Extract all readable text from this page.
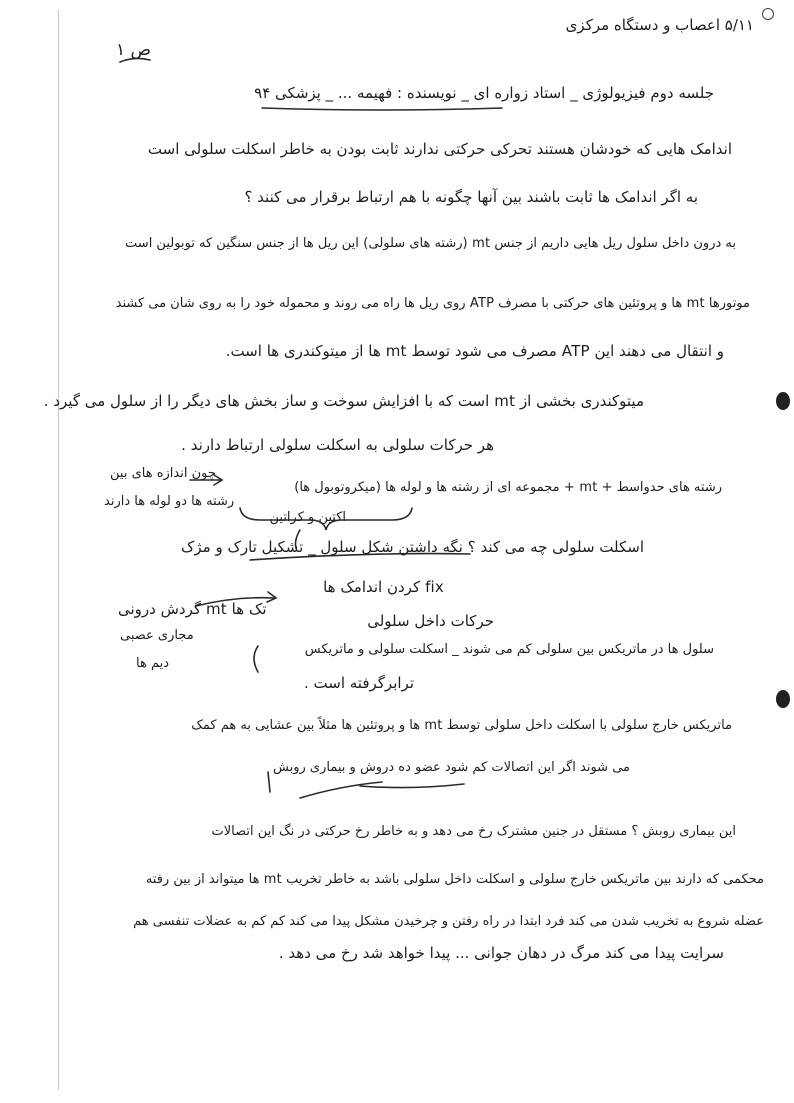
۵/۱۱ اعصاب و دستگاه مرکزی
ص ۱
جلسه دوم فیزیولوژی _ استاد زواره ای _ نویسنده : فهیمه ... _ پزشکی ۹۴
اندامک هایی که خودشان هستند تحرکی حرکتی ندارند ثابت بودن به خاطر اسکلت سلولی است
به اگر اندامک ها ثابت باشند بین آنها چگونه با هم ارتباط برقرار می کنند ؟
به درون داخل سلول ریل هایی داریم از جنس mt (رشته های سلولی) این ریل ها از جنس سنگین که توبولین است
موتورها mt ها و پروتئین های حرکتی با مصرف ATP روی ریل ها راه می روند و محموله خود را به روی شان می کشند
و انتقال می دهند این ATP مصرف می شود توسط mt ها از میتوکندری ها است.
میتوکندری بخشی از mt است که با افزایش سوخت و ساز بخش های دیگر را از سلول می گیرد .
هر حرکات سلولی به اسکلت سلولی ارتباط دارند .
چون اندازه های بین
رشته ها دو لوله ها دارند
رشته های حدواسط + mt + مجموعه ای از رشته ها و لوله ها (میکروتوبول ها)
اکتین و کراتین
اسکلت سلولی چه می کند ؟ نگه داشتن شکل سلول _ تشکیل تارک و مژک
fix کردن اندامک ها
تک ها mt گردش درونی
حرکات داخل سلولی
مجاری عصبی
دیم ها
سلول ها در ماتریکس بین سلولی کم می شوند _ اسکلت سلولی و ماتریکس
ترابرگرفته است .
ماتریکس خارج سلولی با اسکلت داخل سلولی توسط mt ها و پروتئین ها مثلاً بین عشایی به هم کمک
می شوند اگر این اتصالات کم شود عضو ده دروش و بیماری روبش
این بیماری روبش ؟ مستقل در جنین مشترک رخ می دهد و به خاطر رخ حرکتی در نگ این اتصالات
محکمی که دارند بین ماتریکس خارج سلولی و اسکلت داخل سلولی باشد به خاطر تخریب mt ها میتواند از بین رفته
عضله شروع به تخریب شدن می کند فرد ابتدا در راه رفتن و چرخیدن مشکل پیدا می کند کم کم به عضلات تنفسی هم
سرایت پیدا می کند مرگ در دهان جوانی ... پیدا خواهد شد رخ می دهد .
